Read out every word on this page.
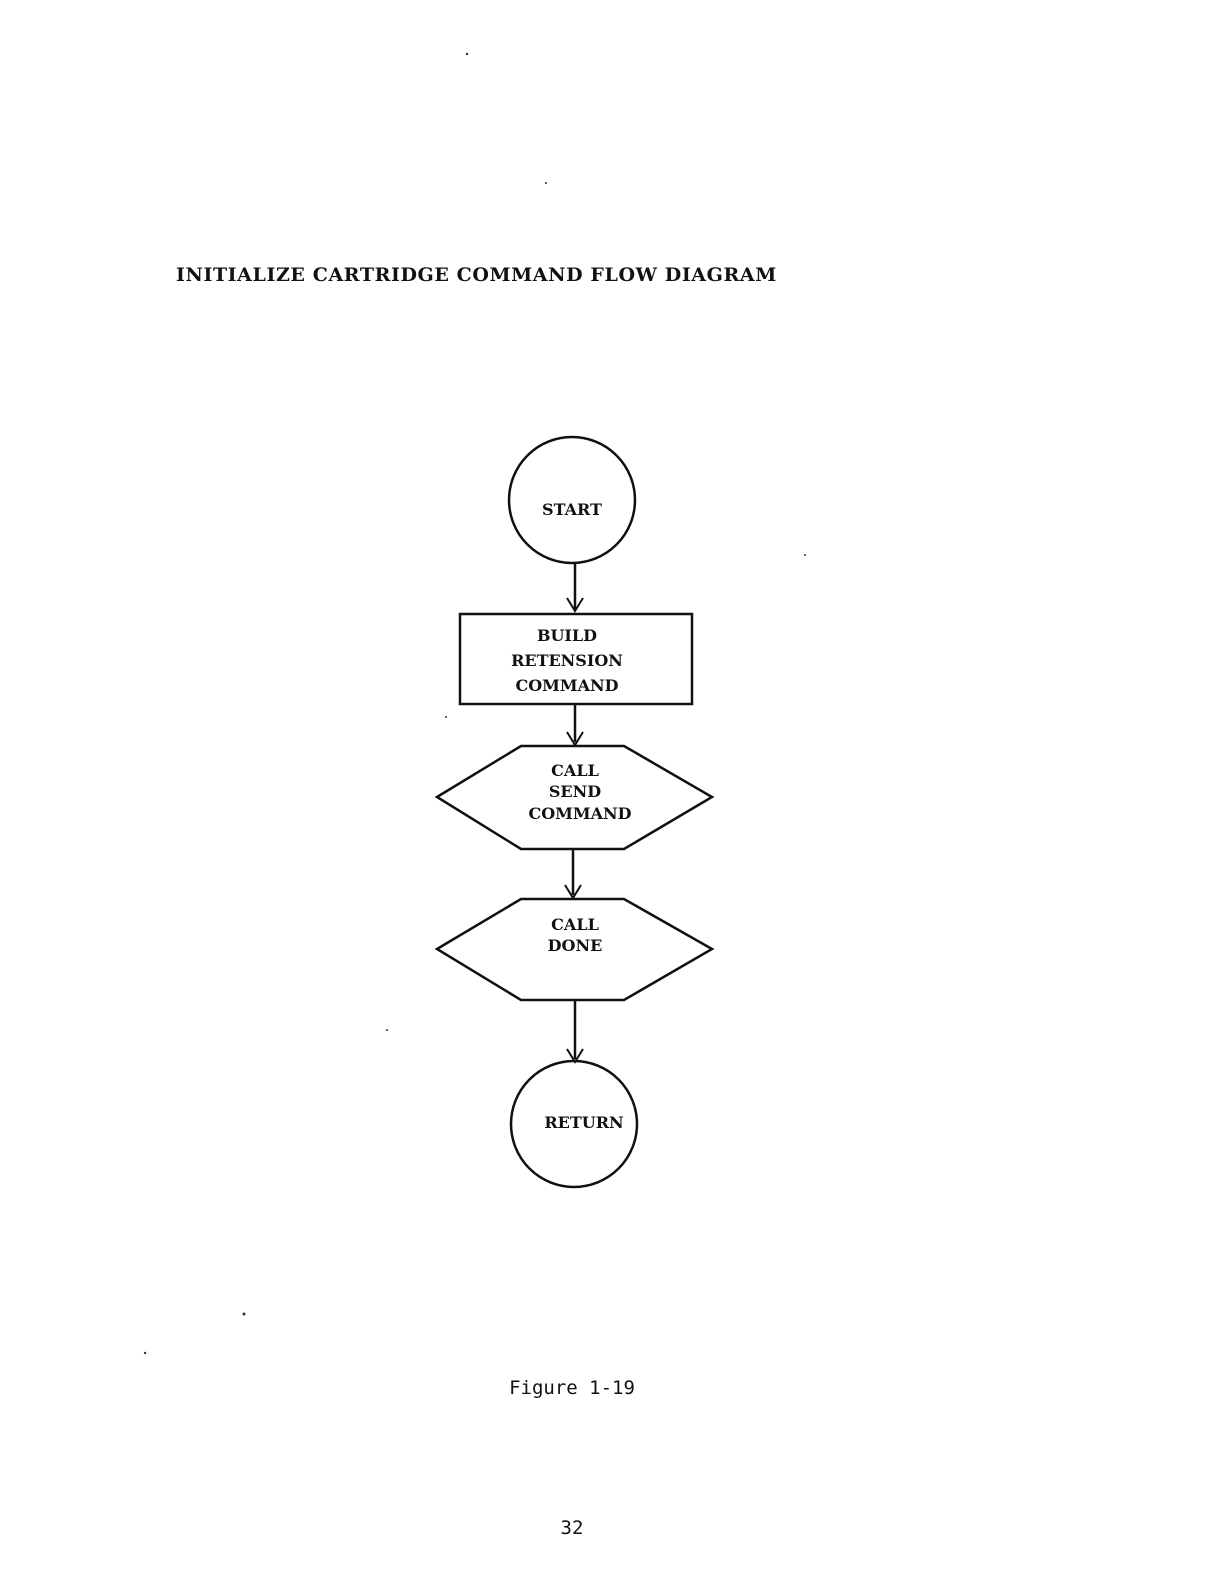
INITIALIZE CARTRIDGE COMMAND FLOW DIAGRAM
START
BUILD
RETENSION
COMMAND
CALL
SEND
COMMAND
CALL
DONE
RETURN
Figure 1-19
32
